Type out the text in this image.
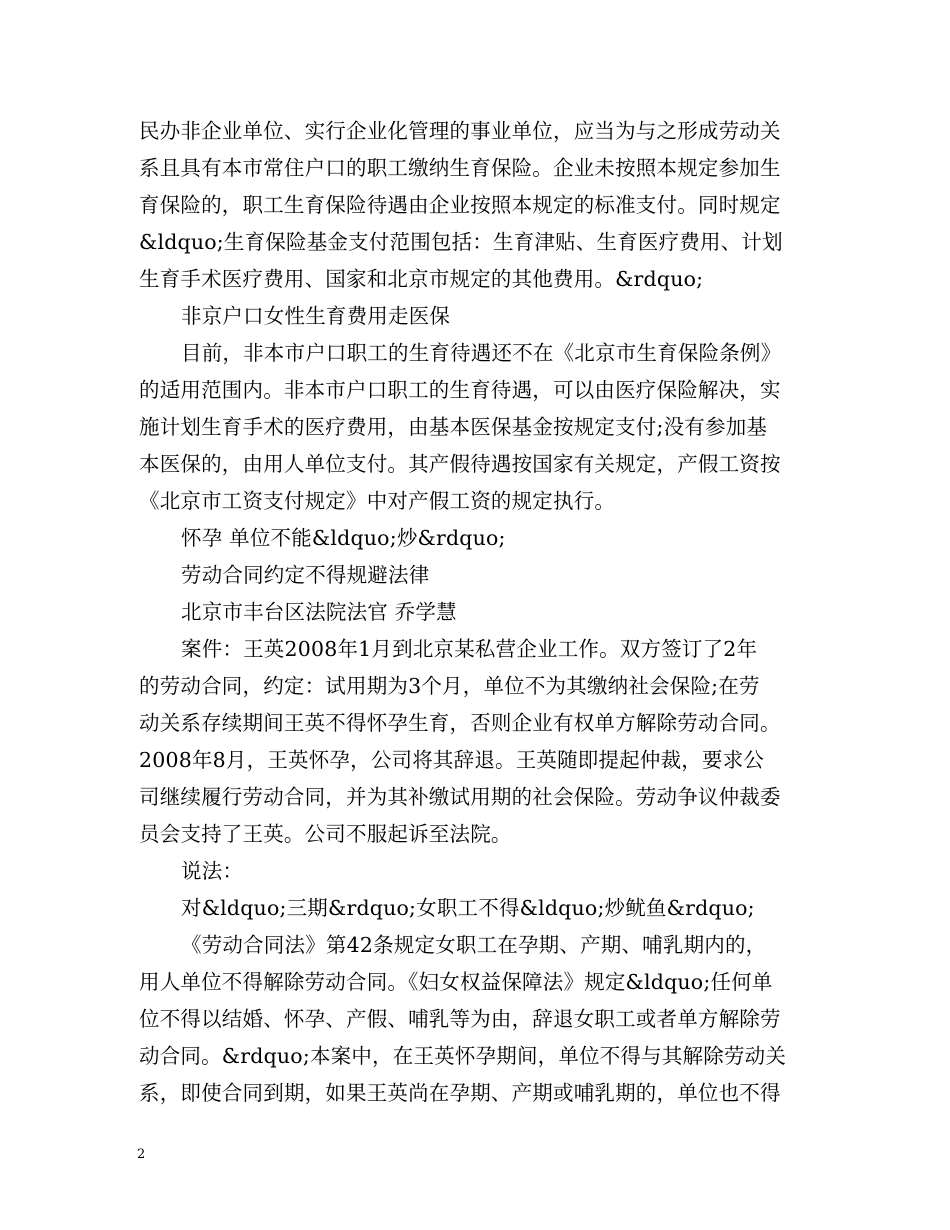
民办非企业单位、实行企业化管理的事业单位，应当为与之形成劳动关
系且具有本市常住户口的职工缴纳生育保险。企业未按照本规定参加生
育保险的，职工生育保险待遇由企业按照本规定的标准支付。同时规定
&ldquo;生育保险基金支付范围包括：生育津贴、生育医疗费用、计划
生育手术医疗费用、国家和北京市规定的其他费用。&rdquo;
非京户口女性生育费用走医保
目前，非本市户口职工的生育待遇还不在《北京市生育保险条例》
的适用范围内。非本市户口职工的生育待遇，可以由医疗保险解决，实
施计划生育手术的医疗费用，由基本医保基金按规定支付;没有参加基
本医保的，由用人单位支付。其产假待遇按国家有关规定，产假工资按
《北京市工资支付规定》中对产假工资的规定执行。
怀孕 单位不能&ldquo;炒&rdquo;
劳动合同约定不得规避法律
北京市丰台区法院法官 乔学慧
案件：王英2008年1月到北京某私营企业工作。双方签订了2年
的劳动合同，约定：试用期为3个月，单位不为其缴纳社会保险;在劳
动关系存续期间王英不得怀孕生育，否则企业有权单方解除劳动合同。
2008年8月，王英怀孕，公司将其辞退。王英随即提起仲裁，要求公
司继续履行劳动合同，并为其补缴试用期的社会保险。劳动争议仲裁委
员会支持了王英。公司不服起诉至法院。
说法：
对&ldquo;三期&rdquo;女职工不得&ldquo;炒鱿鱼&rdquo;
《劳动合同法》第42条规定女职工在孕期、产期、哺乳期内的，
用人单位不得解除劳动合同。《妇女权益保障法》规定&ldquo;任何单
位不得以结婚、怀孕、产假、哺乳等为由，辞退女职工或者单方解除劳
动合同。&rdquo;本案中，在王英怀孕期间，单位不得与其解除劳动关
系，即使合同到期，如果王英尚在孕期、产期或哺乳期的，单位也不得
2
